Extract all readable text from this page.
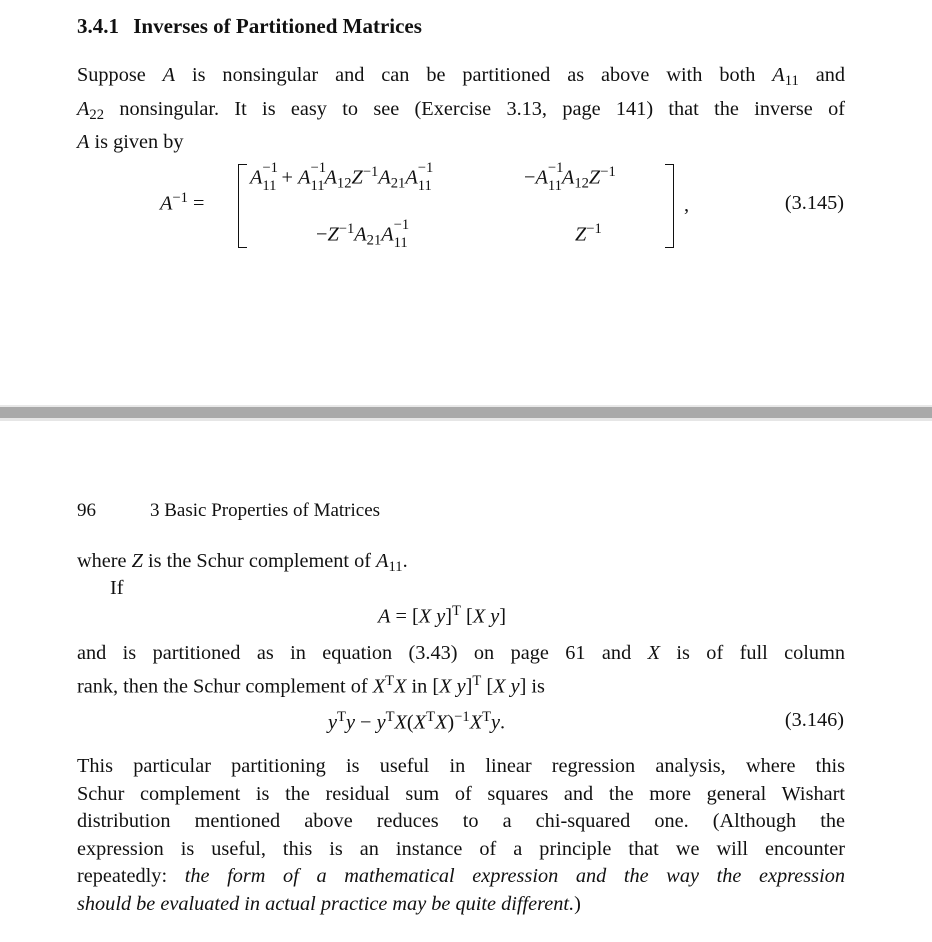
3.4.1 Inverses of Partitioned Matrices
Suppose A is nonsingular and can be partitioned as above with both $A_{11}$ and
$A_{22}$ nonsingular. It is easy to see (Exercise 3.13, page 141) that the inverse of
A is given by
$A^{-1}$ =
A −1
11 + A −1
11 $A_{12}Z^{-1}A_{21}A -1$
11	−A −1
11 $A_{12}Z^{-1}$
$-Z^{-1}A_{21}A -1$
11	$Z^{-1}$
,	(3.145)
96	3 Basic Properties of Matrices
where Z is the Schur complement of $A_{11}$.
If
A = [X y]$^T$ [X y]
and is partitioned as in equation (3.43) on page 61 and X is of full column
rank, then the Schur complement of $X^TX$ in [X y]$^T$ [X y] is
$y^Ty - y^TX(X^TX)^{-1}X^Ty$.	(3.146)
This particular partitioning is useful in linear regression analysis, where this
Schur complement is the residual sum of squares and the more general Wishart
distribution mentioned above reduces to a chi-squared one. (Although the
expression is useful, this is an instance of a principle that we will encounter
repeatedly: the form of a mathematical expression and the way the expression
should be evaluated in actual practice may be quite different.)
